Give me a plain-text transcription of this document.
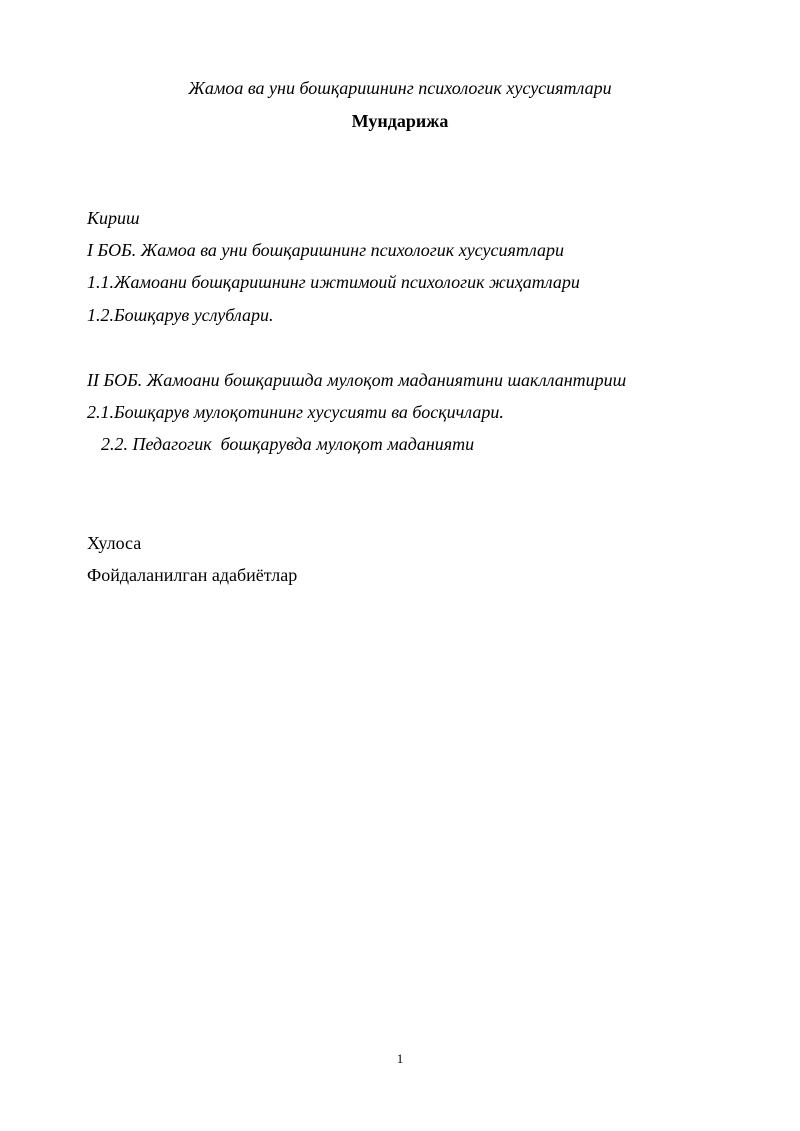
Жамоа ва уни бошқаришнинг психологик хусусиятлари
Мундарижа
Кириш
I БОБ. Жамоа ва уни бошқаришнинг психологик хусусиятлари
1.1.Жамоани бошқаришнинг ижтимоий психологик жиҳатлари
1.2.Бошқарув услублари.
II БОБ. Жамоани бошқаришда мулоқот маданиятини шакллантириш
2.1.Бошқарув мулоқотининг хусусияти ва босқичлари.
2.2. Педагогик  бошқарувда мулоқот маданияти
Хулоса
Фойдаланилган адабиётлар
1
